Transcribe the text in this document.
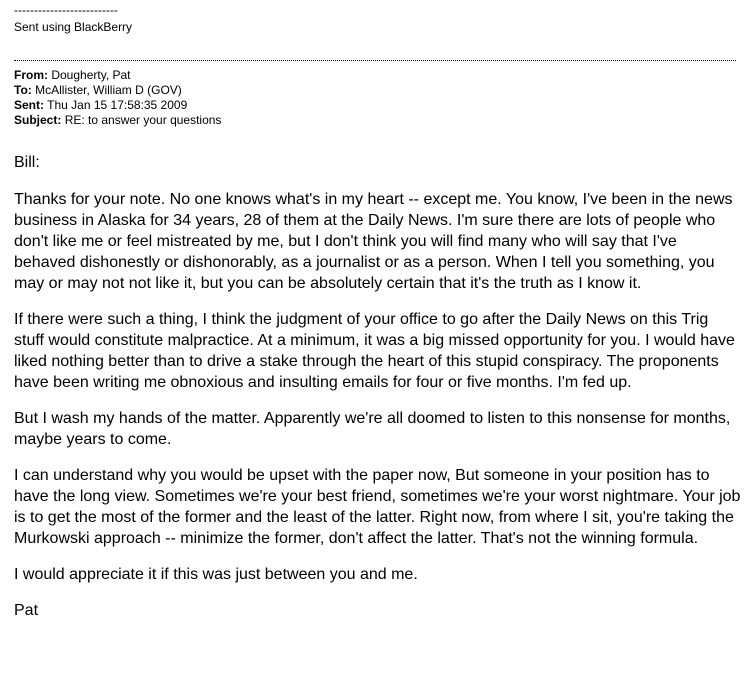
--------------------------
Sent using BlackBerry
From: Dougherty, Pat
To: McAllister, William D (GOV)
Sent: Thu Jan 15 17:58:35 2009
Subject: RE: to answer your questions

Bill:

Thanks for your note. No one knows what's in my heart -- except me. You know, I've been in the news business in Alaska for 34 years, 28 of them at the Daily News. I'm sure there are lots of people who don't like me or feel mistreated by me, but I don't think you will find many who will say that I've behaved dishonestly or dishonorably, as a journalist or as a person. When I tell you something, you may or may not not like it, but you can be absolutely certain that it's the truth as I know it.

If there were such a thing, I think the judgment of your office to go after the Daily News on this Trig stuff would constitute malpractice. At a minimum, it was a big missed opportunity for you. I would have liked nothing better than to drive a stake through the heart of this stupid conspiracy. The proponents have been writing me obnoxious and insulting emails for four or five months. I'm fed up.

But I wash my hands of the matter. Apparently we're all doomed to listen to this nonsense for months, maybe years to come.

I can understand why you would be upset with the paper now, But someone in your position has to have the long view. Sometimes we're your best friend, sometimes we're your worst nightmare. Your job is to get the most of the former and the least of the latter. Right now, from where I sit, you're taking the Murkowski approach -- minimize the former, don't affect the latter. That's not the winning formula.

I would appreciate it if this was just between you and me.

Pat
